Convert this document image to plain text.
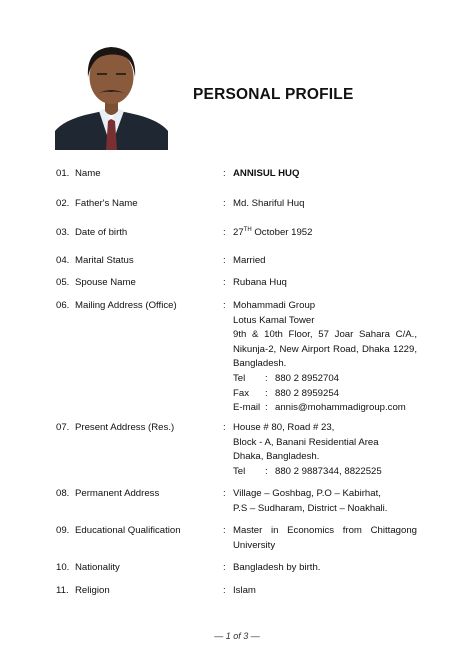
PERSONAL PROFILE
01. Name	: ANNISUL HUQ
02. Father's Name	: Md. Shariful Huq
03. Date of birth	: 27TH October 1952
04. Marital Status	: Married
05. Spouse Name	: Rubana Huq
06. Mailing Address (Office)	: Mohammadi Group
Lotus Kamal Tower
9th & 10th Floor, 57 Joar Sahara C/A.,
Nikunja-2, New Airport Road, Dhaka 1229,
Bangladesh.
Tel : 880 2 8952704
Fax : 880 2 8959254
E-mail : annis@mohammadigroup.com
07. Present Address (Res.)	: House # 80, Road # 23,
Block - A, Banani Residential Area
Dhaka, Bangladesh.
Tel : 880 2 9887344, 8822525
08. Permanent Address	: Village – Goshbag, P.O – Kabirhat,
P.S – Sudharam, District – Noakhali.
09. Educational Qualification	: Master in Economics from Chittagong
University
10. Nationality	: Bangladesh by birth.
11. Religion	: Islam
— 1 of 3 —
